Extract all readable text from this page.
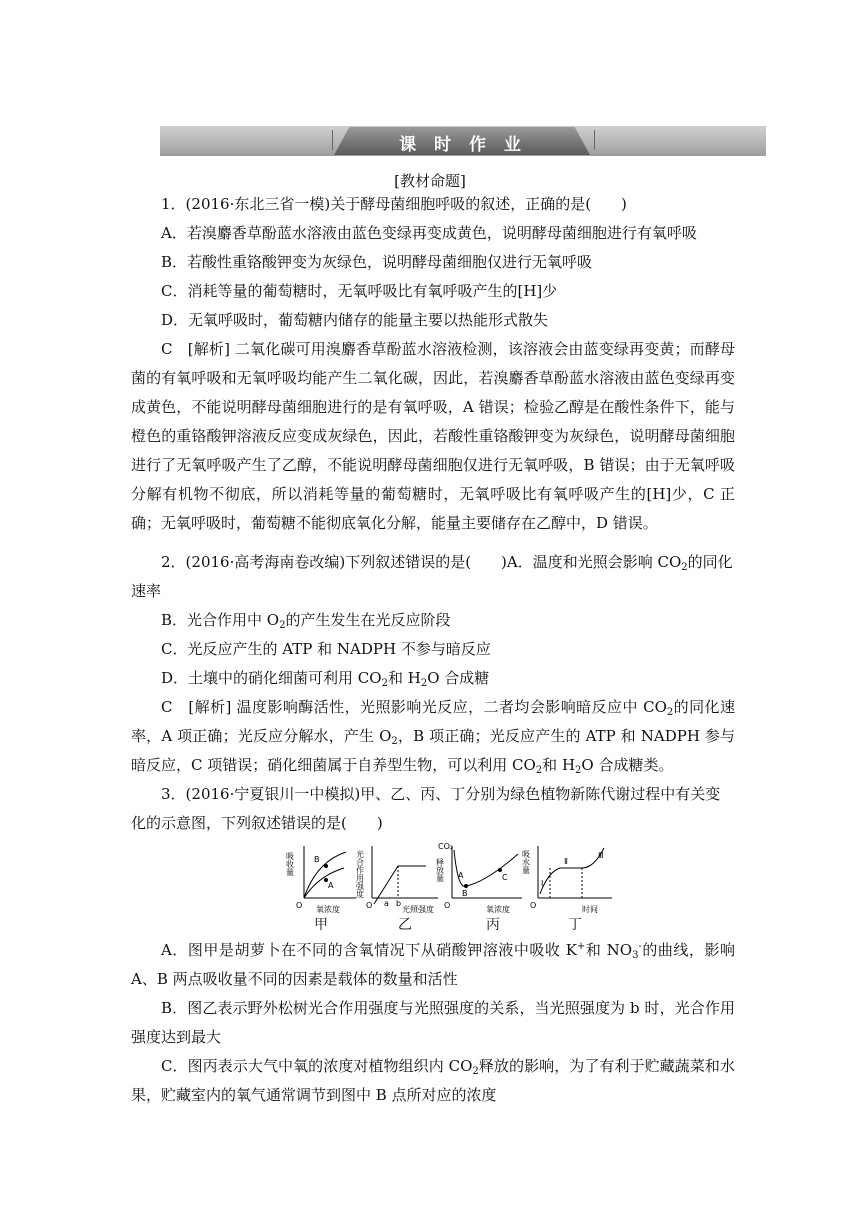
课 时 作 业
[教材命题]

1．(2016·东北三省一模)关于酵母菌细胞呼吸的叙述，正确的是(　　)

A．若溴麝香草酚蓝水溶液由蓝色变绿再变成黄色，说明酵母菌细胞进行有氧呼吸

B．若酸性重铬酸钾变为灰绿色，说明酵母菌细胞仅进行无氧呼吸

C．消耗等量的葡萄糖时，无氧呼吸比有氧呼吸产生的[H]少

D．无氧呼吸时，葡萄糖内储存的能量主要以热能形式散失

C　[解析] 二氧化碳可用溴麝香草酚蓝水溶液检测，该溶液会由蓝变绿再变黄；而酵母菌的有氧呼吸和无氧呼吸均能产生二氧化碳，因此，若溴麝香草酚蓝水溶液由蓝色变绿再变成黄色，不能说明酵母菌细胞进行的是有氧呼吸，A 错误；检验乙醇是在酸性条件下，能与橙色的重铬酸钾溶液反应变成灰绿色，因此，若酸性重铬酸钾变为灰绿色，说明酵母菌细胞进行了无氧呼吸产生了乙醇，不能说明酵母菌细胞仅进行无氧呼吸，B 错误；由于无氧呼吸分解有机物不彻底，所以消耗等量的葡萄糖时，无氧呼吸比有氧呼吸产生的[H]少，C 正确；无氧呼吸时，葡萄糖不能彻底氧化分解，能量主要储存在乙醇中，D 错误。

2．(2016·高考海南卷改编)下列叙述错误的是(　　)A．温度和光照会影响 $CO_2$的同化速率

B．光合作用中 $O_2$的产生发生在光反应阶段

C．光反应产生的 ATP 和 NADPH 不参与暗反应

D．土壤中的硝化细菌可利用 $CO_2$和 $H_2O$ 合成糖

C　[解析] 温度影响酶活性，光照影响光反应，二者均会影响暗反应中 $CO_2$的同化速率，A 项正确；光反应分解水，产生 $O_2$，B 项正确；光反应产生的 ATP 和 NADPH 参与暗反应，C 项错误；硝化细菌属于自养型生物，可以利用 $CO_2$和 $H_2O$ 合成糖类。

3．(2016·宁夏银川一中模拟)甲、乙、丙、丁分别为绿色植物新陈代谢过程中有关变化的示意图，下列叙述错误的是(　　)

吸收量
氧浓度
O
B
A	光合作用强度
光照强度
O a b
CO₂
释放量
氧浓度
O
A
B
C
吸水量
时间
O
Ⅰ
Ⅱ
Ⅲ
甲	乙	丙	丁

A．图甲是胡萝卜在不同的含氧情况下从硝酸钾溶液中吸收 K+和 $NO_3^-$的曲线，影响 A、B 两点吸收量不同的因素是载体的数量和活性

B．图乙表示野外松树光合作用强度与光照强度的关系，当光照强度为 b 时，光合作用强度达到最大

C．图丙表示大气中氧的浓度对植物组织内 $CO_2$释放的影响，为了有利于贮藏蔬菜和水果，贮藏室内的氧气通常调节到图中 B 点所对应的浓度
